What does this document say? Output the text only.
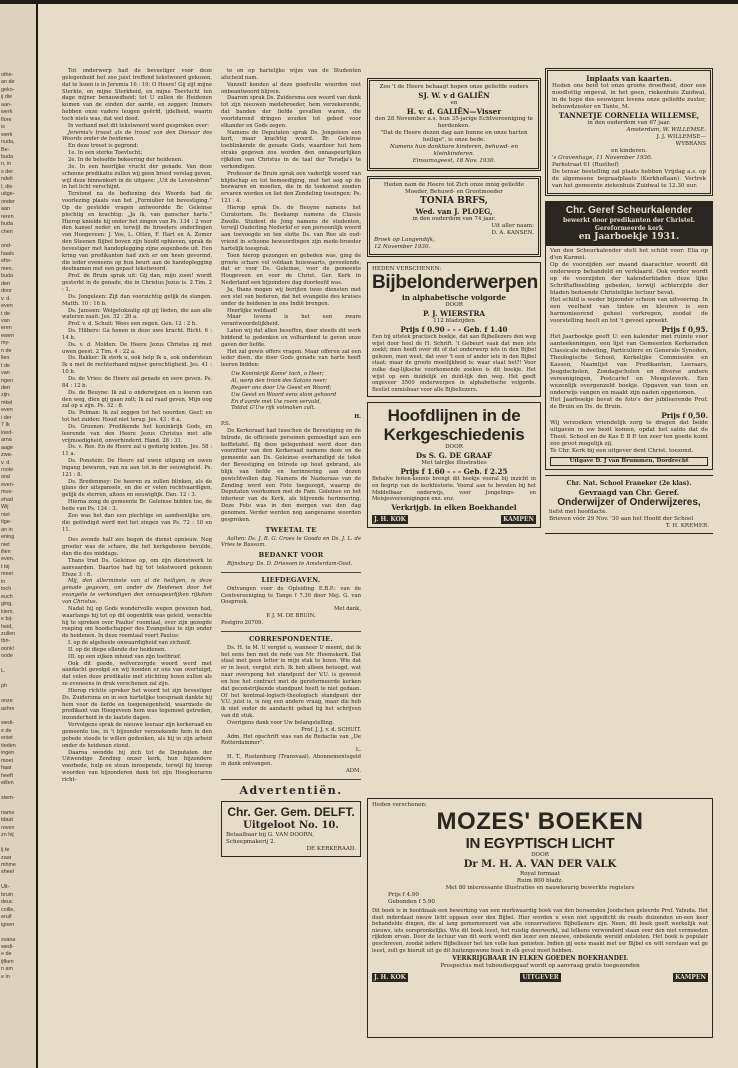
othe-
an de
geko-
ij die
aan-
werk
flore
is
werk
nuda,
Be-
buda
n, in
s der
ndelt
l, die
uitge-
onder
aan
reren
buda
chen

ond-
haals
efor-
men.
buda
den
door
v. d.
even
t de
van
eren
ewen
my-
n de
llen
t de
van
ngen
den
zijn.
mkel
even
i der
7 Ik
loed-
arna
aage
zwa-
v. d.
roote
oral
even-
mus-
ehad
Wij
niet
tige-
an in
ening
niet
illen
even.
t bij
meer
in
toch
euch
ging,
klem,
e bij-
heid,
zullen
tbri-
oonk!
oode

L.

ph

onze
ashre

wedi-
e de
eniet
tieden
ingen
moet
haar
heeft
eillen

stem-

name
tdaat
roven
zn hij

ij te
zaar
mhme
sheel

Uit-
bruin
deuc
coille,
eruif
ignen

svana
wedi-
e de
ijfken
n am
e in

Tot onderwerp had de bevestiger voor deze gelegenheid het zoo juist treffend tekstwoord gekozen, dat te lezen is in Jeremia 16 : 19: O Heere! Gij zijt mijne Sterkte, en mijne Sterkheid, en mijne Toevlucht ten dage mijner benauwdheid; tot U zullen de Heidenen komen van de einden der aarde, en zeggen: Immers hebben onze vaders leugen geërfd, ijdelheid, waarin toch niets was, dat wel deed.

In verband met dit tekstwoord werd gesproken over:

Jeremia's troost als de troost van den Dienaar des Woords onder de heidenen.

En deze troost is gegrond:

1e. In een sterke Toevlucht;

2e. In de beloofde bekeering der heidenen.

3e. In een heerlijke vrucht der genade. Van deze schoone predikatie zullen wij geen breed verslag geven, wijl deze binnenkort in de uitgave: „Uit de Levensbron” in het licht verschijnt.

Terstond na de bediening des Woords had de voorlezing plaats van het „Formulier tot bevestiging.” Op de gestelde vragen antwoordde Br. Geleinse plechtig en krachtig: „Ja ik, van ganscher harte.” Hierop knielde hij onder het zingen van Ps. 134 : 2 voor den kansel neder en terwijl de broeders onderlingen van Hoogeveen: J. Vos, L. Otten, F. Hart en A. Zomer den Steenen Bijbel boven zijn hoofd ophieven, sprak de bevestiger met handoplegging zijne zegenbede uit. Een kring van predikanten had zich er om heen gevormd, die ieder eveneens op hun beurt aan de handoplegging deelnamen met een gepast tekstwoord.

Prof. de Bruin sprak uit: Gij dan, mijn zoon! wordt gesterkt in de genade, die in Christus Jezus is. 2 Tim. 2 : 1.

Ds. Jongeleen: Zijt dan voorzichtig gelijk de slangen. Matth. 10 : 16 b.

Ds. Janssen: Welgelukzalig zijt gij lieden, die aan alle wateren zaait. Jes. 32 : 20 a.

Prof. v. d. Schuit: Wees een zegen. Gen. 12 : 2 b.

Ds. Hilbers: Ga henen in deze uwe kracht. Richt. 6 : 14 b.

Ds. v. d. Molden: De Heere Jezus Christus zij met uwen geest. 2 Tim. 4 : 22 a.

Ds. Bakker: Ik sterk u, ook help Ik u, ook ondersteun Ik u met de rechterhand mijner gerechtigheid. Jes. 41 : 10 b.

Ds. de Vries: de Heere zal genade en eere geven. Ps. 84 : 12 b.

Ds. de Beuyne: Ik zal u onderwijzen en u leeren van den weg, dien gij gaan zult; Ik zal raad geven, Mijn oog zal op u zijn. Ps. 32 : 8.

Ds. Polman: Ik zal zeggen tot het noorden: Geef; en tot het zuiden: Houd niet terug. Jes. 43 : 6 a.

Ds. Groenen: Predikende het koninkrijk Gods, en leerende van den Heere Jezus Christus met alle vrijmoedigheid, onverhinderd. Hand. 28 : 31.

Ds. v. Ree. En de Heere zal u gedurig leiden. Jes. 58 : 11 a.

Ds. Ponstein: De Heere zal uwen uitgang en uwen ingang bewaren, van nu aan tot in der eeuwigheid. Ps. 121 : 8.

Ds. Bredenmey: De heeren zu zullen blinken, als de glans der uitspansels, en die er velen rechtvaardigen, gelijk de sterren, altoos en eeuwiglijk. Dan. 12 : 3.

Hierna zong de gemeente Br. Geleinse bidden toe, de bede van Ps. 134 : 3.

Zoo was het dan een plechtige en aandoenlijke ure, die geëindigd werd met het zingen van Ps. 72 : 10 en 11.

Des avonds half zes begon de dienst opnieuw. Nog grooter was de schare, die het kerkgebouw bevulde, dan die des middags.

Thans trad Ds. Geleinse op, om zijn dienstwerk te aanvaarden. Daartoe had hij tot tekstwoord gekozen Efeze 3 : 8.

Mij, den allerminste van al de heiligen, is deze genade gegeven, om onder de Heidenen door het evangelie te verkondigen den onnaspeurlijken rijkdom van Christus.

Nadat hij op Gods wondervolle wegen gewezen had, waarlangs hij tot op dit oogenblik was geleid, wenschte hij te spreken over Paulus' roomtaal, over zijn gezegde roeping om hoodschapper des Evangelies te zijn onder de heidenen. In deze roemtaal voert Paulus:

I. op de algeheele onwaardigheid van zichzelf.

II. op de diepe ellende der heidenen.

III. op een zijken inhoud van zijn toetbrief.

Ook dit goede, welverzorgde woord werd met aandacht gevolgd en wij houden er ons van overtuigd, dat velen deze predikatie met stichting lezen zullen als ze eveneens in druk verschenen zal zijn.

Hierop richtte spreker het woord tot zijn bevestiger Ds. Zuidersma en in een hartelijke toespraak dankte hij hem voor de liefde en toegenegenheid, waarmede de predikant van Hoogeveen hem was tegemoet getreden, inzonderheid in de laatste dagen.

Vervolgens sprak de nieuwe leeraar zijn kerkeraad en gemeente toe, in 't bijzonder verzoekende hem in den gebede steeds te willen gedenken, als hij in zijn arbeid onder de heidenen stond.

Daarna wendde hij zich tot de Deputaten der Uitwendige Zending onzer kerk, hun bijzondere voorbede, hulp en steun inroepende, terwijl hij hierop woorden van bijzonderen dank tot zijn Hoogleeraren richt-

te en op hartelijke wijze van de Studenten afscheid nam.

Vanzelf konden al deze goedvolle woorden niet onbeantwoord blijven.

Daarom sprak Ds. Zuidersma een woord van dank tot zijn nieuwen medebroeder, hem verzekerende, dat banden der liefde gevallen waren, die voortdurend dringen zouden tot gebed voor elkander en Gods zegen.

Namens de Deputaten sprak Ds. Jongeleen een kort, maar krachtig woord. Br. Geleinse toeblinkende de genade Gods, waardoor hut hem straks gegeven zou worden den onnaspeurlijken rijkdom van Christus in de taal der Toradja's te verkondigen.

Professor de Bruin sprak een vaderlijk woord van blijdschap en tot bemoediging, met het oog op de bezwaren en moeiten, die in de toekomst zouden ervaren worden en liet den Zendeling toezingen: Ps. 121 : 4.

Hierop sprak Ds. de Beuyne namens het Curatorium. Ds. Beekamp namens de Classis Zwolle. Student de Jong namens de studenten, terwijl Ouderling Nederlof er een persoonlijk woord aan toevoegde en ten slotte Ds. van Ree als oud-vriend in schoone bewoordingen zijn mede-broeder hartelijk toesprak.

Toen hierop gezongen en gebeden was, ging de groote schare vol voldaan huiswaarts, gevoelende, dat er voor Ds. Geleinse, voor de gemeente Hoogeveen en voor de Christ. Ger. Kerk in Nederland een bijzondere dag doorleefd was.

Ja, thans mogen wij berijten twee diensten met een stel van bederen, dat het evangelie des kruises onder de heidenen in ons Indië brengen.

Heerlijke weldaad!

Maar tevens is het een zware verantwoordelijkheid.

Laten wij dat allen beseffen, door steeds dit werk biddend te gedenken en volhardend te geven onze gaven der liefde.

Het zal gewis offers vragen. Maar offeren zal een ieder doen, die door Gods genade van harte heeft leeren bidden:

Uw Koninkrijk Kome' toch, o Heer;
Al, werp den troon des Satans neer;
Regeer ons door Uw Geest en Woord;
Uw Geest en Woord eens alom gehoord
En d'aarde met Uw roem vervuld,
Totdat G'Uw rijk volmaken zult.
H.
P.S.

De Kerkeraad had tusschen de Bevestiging en de Intrede, de officieele personen gemoedigd aan een koffietafel. Bij deze gelegenheid werd door den voorzitter van den Kerkeraad namens deze en de gemeente aan Ds. Geleinse overhandigd de tekst der Bevestiging en Intrede op hout gebrand, als blijk van liefde en herinnering aan dezen gewichtvollen dag. Namens de Nazkeraas van de Zending werd een Foto toegezegd, waarop de Deputaten voorkomen met de Fam. Geleinse en het interieur van de Kerk, als blijvende herinnering. Deze Foto was in den morgen van den dag genomen. Verder werden nog aangename woorden gesproken.

TWEETAL TE

Aalten: Ds. J. B. G. Croes te Gouda en Ds. J. L. de Vries te Bussum.

BEDANKT VOOR

Rijnsburg: Ds. D. Driessen te Amsterdam-Oost.

LIEFDEGAVEN.

Ontvangen voor de Opleiding E.B.P.: van de Centvereeniging te Tange f 7.30 door Mej. G. van Oosprook.

Met dank,
P. J. M. DE BRUIN.
Postgiro 20709.
CORRESPONDENTIE.

Ds. H. te M. U vergist u, wanneer U meent, dat ik het eens ben met de rede van Mr. Heemskerk. Dat staat met geen letter in mijn stuk te lezen. Wie dat er in leest, vergist zich. Ik heb alleen betoogd, wat naar overspong het standpunt der V.U. is geweest en hoe het contract met de gereformeerde kerken dat geconstrijkende standpunt heeft te niet gedaan. Of het kontmal-logisch-theologisch standpunt der V.U. juist is, is nog een andere vraag, maar die heb ik niet onder de aandacht gebad bij het schrijven van dit stuk.

Overigens dank voor Uw belangstelling.

Prof. J. J. v. d. SCHUIT.

Adm. Het opschrift was van de Redactie van „De Rotterdammer”.

L.

H. T., Rustenburg (Transvaal). Abonnementsgeld in dank ontvangen.

ADM.
Advertentiën.
Chr. Ger. Gem. DELFT.
Uitgeloot No. 10.
Betaalbaar bij G. VAN DOORN, Scheepmakerij 2.
DE KERKERAAD.
Zoo 't de Heere behaagt hopen onze geliefde ouders
SJ. W. v d GALIËN
en
H. v. d. GALIËN—Visser
den 28 November a.s. hun 35-jarige Echtvereeniging te herdenken.
"Dat de Heere dezen dag aan bunne en onze harten heilige", is onze bede.
Namens hun dankbare kinderen, behuwd- en kleinkinderen.
Einsumageest, 18 Nov. 1930.
Heden nam de Heere tot Zich onze innig geliefde Moeder, Behuwd- en Grootmoeder
TONIA BRFS,
Wed. van J. PLOEG,
in den ouderdom van 74 jaar.
Uit aller naam:
D. A. KANSEN.
Broek op Langendijk,
12 November 1930.
HEDEN VERSCHENEN:
Bijbelonderwerpen
in alphabetische volgorde
DOOR
P. J. WIERSTRA
112 bladzijden
Prijs f 0.90 - - - Geb. f 1.40
Een bij uitstek practisch boekje, dat aan Bijbellezers den weg wijst door heel de H. Schrift. 't Gebeurt vaak dat men iets zoekt; men heeft over dit of dat onderwerp iets in den Bijbel gelezen, men weet, dat over 't een of ander iets in den Bijbel staat; maar de groote moeilijkheid is: waar staat het?! Voor zulke dag-lijksche voorkomende zoeken is dit boekje. Het wijst op een duidelijk en duid-lijk den weg. Het geeft ongeveer 3500 onderwerpen in alphabetische volgorde. Beslist onmisbaar voor alle Bijbellezers.
Hoofdlijnen in de Kerkgeschiedenis
DOOR
Ds S. G. DE GRAAF
Met talrijke illustraties
Prijs f 1.60 - - - Geb. f 2.25
Behalve feiten-kennis brengt dit boekje vooral bij inzicht in en begrip van de kerkhistorie. Vooral aan te bevelen bij het Middelbaar onderwijs, voor Jongelings- en Meisjesvereenigingen enz. enz.
Verkrijgb. in elken Boekhandel
J. H. KOK	KAMPEN
Inplaats van kaarten.
Heden ons beid tot onze groote droefheid, door een noodlottig ongeval, in het geen, riekenhuis Zuidwal, in de hope des eeuwigen levens onze geliefde zuster, behuwdzuster en Tante, M.
TANNETJE CORNELIA WILLEMSE,
in den ouderdom van 67 jaar.
Amsterdam, W. WILLEMSE.
J. J. WILLEMSE—
WYBRANS
en kinderen.
's Gravenhage, 11 November 1930.
Parkstraat 61 (Rusthof)
De teraar bestelling zal plaats hebben Vrijdag a.s. op de algemeene begraafplaats (Kerkhoflaan). Vertrek van het gemeente ziekenhuis Zuidwal te 12.30 uur.
Chr. Geref Scheurkalender
bewerkt door predikanten der Christel. Gereformeerde kerk
en Jaarboekje 1931.
Van den Scheurkalender stelt het schild voor: Elia op d'en Karmel.
Op de voorzijden ser maand daarachter woordt dit onderwerp behandeld en verklaard. Ook verder wordt op de voorzijden der kalenderbladen deze lijke Schriftafbeelding gebeden, terwijl achterzijde der bladen bedoende Christelijke lectuur bevat.
Het schild is weder bijzonder schoon van uitvoering. In een veelheid van tinten en kleuren is een harmonieerend geheel verkregen, zoodat de voorstelling heelt en tot 't gevoel spreekt.
Prijs f 0,95.
Het Jaarboekje geeft U: een kalender met ruimte voor aanteekeningen, een lijst van Gemeenten Kerkeraden Classicale indeeling, Particuliere en Generale Synoden, Theologische School, Kerkelijke Commissiën en Kassen, Naamlijst van Predikanten, Leeraars, Jeugdscholen, Zondagscholen en diverse andere vereenigingen, Postcarief en Meegeleverk. Een wezenlijk overgenzeld boekje. Opgaven van toen en onderwijs vangen en maakt zijn naden opgenomen.
Het Jaarboekje bevat de foto's der jubileerende Prof. de Bruin en Ds. de Bruin.
Prijs f 0,50.
Wij verzoeken vriendelijk zorg te dragen dat beide uitgaven in uw bezit komen, opdat het saldo dat de Theol. School en de Kas E B P. ten zeer ten goede komt zoo groot mogelijk zij.
Te Chr. Kerk bij een uitgever dent Christ. toezond.
Uitgave D. J van Brummen, Dordrecht
Chr. Nat. School Franeker (2e klas).
Gevraagd van Chr. Geref.
Onderwijzer of Onderwijzeres,
liefst met hoofdacte.
Brieven vóór 29 Nov. '30 aan het Hoofd der School
T. H. KREMER.
Heden verschenen:
MOZES' BOEKEN
IN EGYPTISCH LICHT
DOOR
Dr M. H. A. VAN DER VALK
Royal formaat
Ruim 800 bladz.
Met 80 interessante illustraties en nauwkeurig bewerkte registers
Prijs f 4.90
Gebonden f 5.90
Dit boek is in hoofdzaak een bewerking van een merkwaardig boek van den beroemden Joodschen geleerde Prof. Yahuda. Het doet inderdaad nieuw licht opgaan over den Bijbel. Hier worden u even niet opgedicht de reeds duizenden en-een keer behandelde dingen, die al lang gememoreerd van alle conservatieve Bijbellezers zijn. Neen, dit boek geeft werkelijk wat nieuws, iets oorspronkelijks. Wie dit boek leest, het ruistig doorwerkt, zal telkens verwonderd staan over den niet vermoeden rijkdom ervan. Door de lectuur van dit werk wordt den lezer een nieuwe, onbekende wereld ontsloten. Het boek is populair geschreven, zoodat iedere Bijbellezer het ten volle kan genieten. Indien gij eens maakt met uw Bijbel en wilt verstaan wat ge leest, zult ge hieruit uit ge dit buitengewone boek in elk geval moet hebben.
VERKRIJGBAAR IN ELKEN GOEDEN BOEKHANDEL
Prospectus met tuboudsopgaaf wordt op aanvraag gratis toegezonden
J. H. KOK	UITGEVER	KAMPEN
